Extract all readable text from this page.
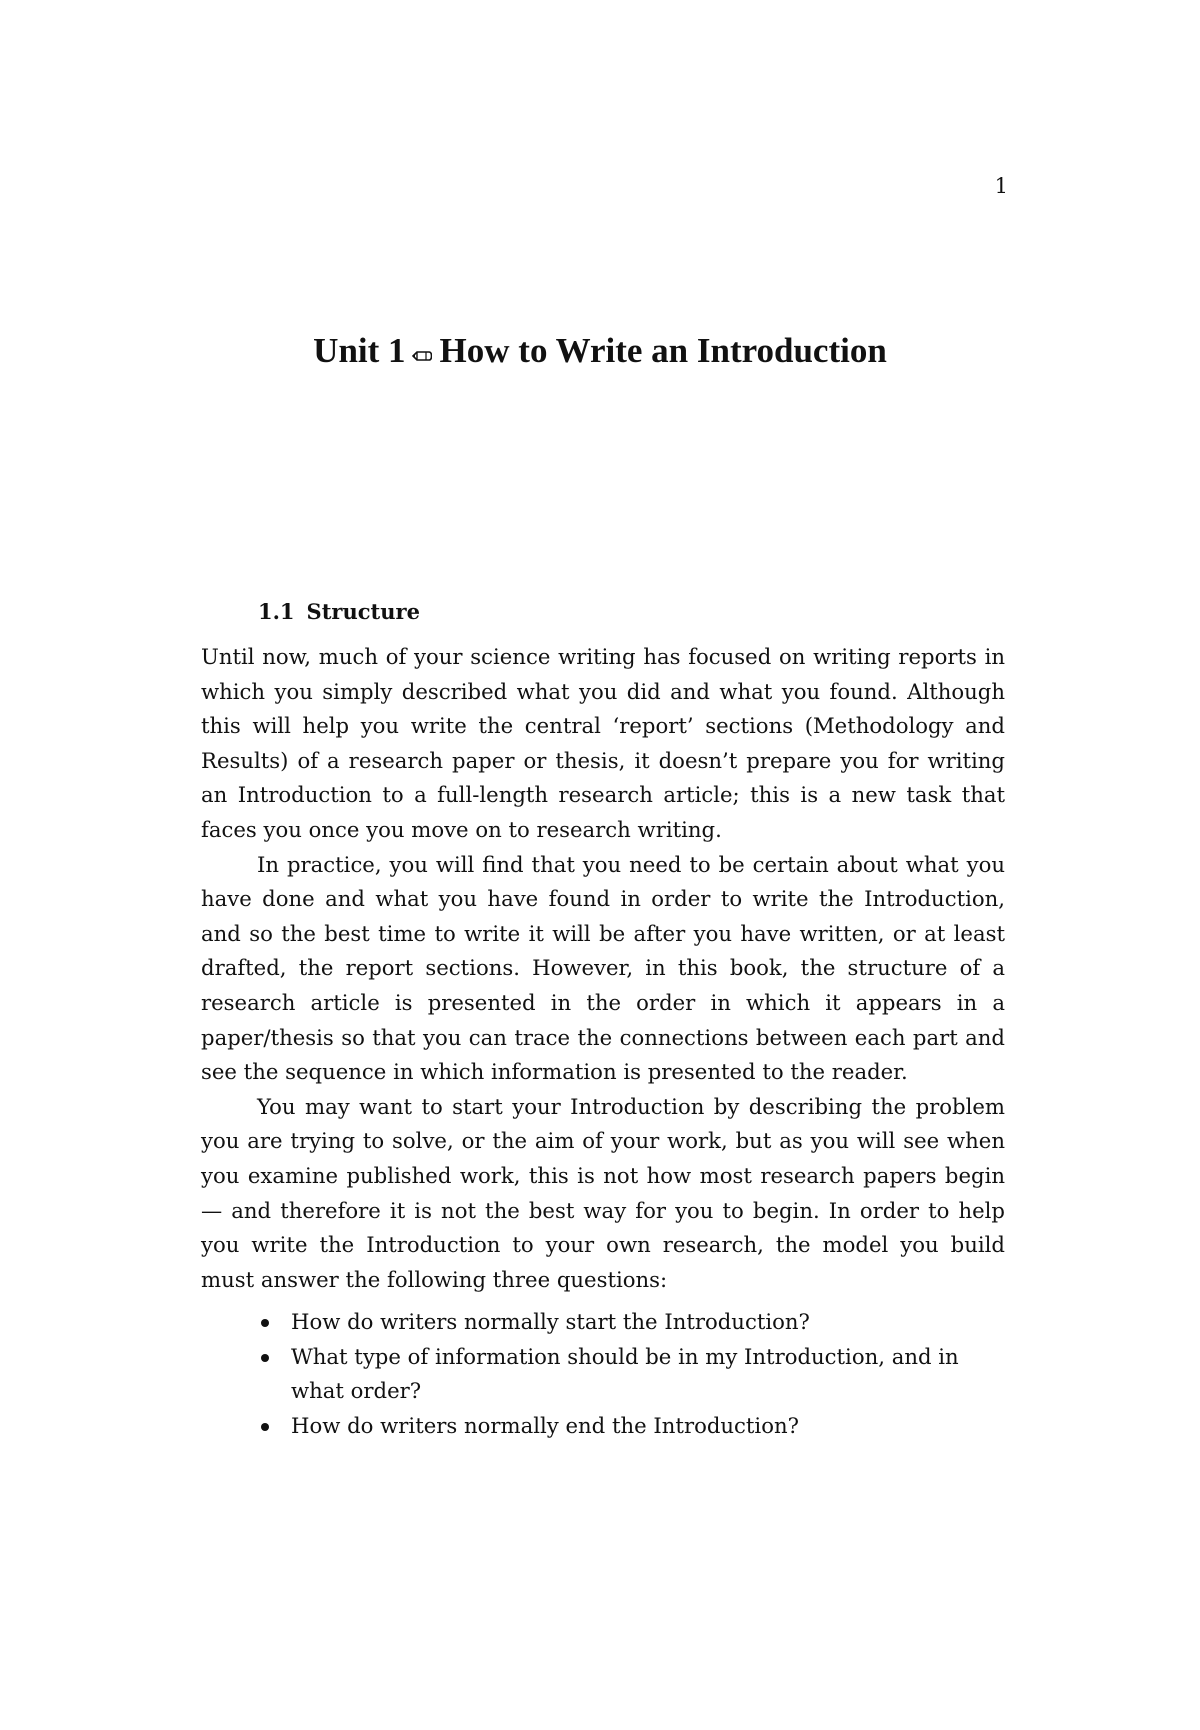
1
Unit 1 How to Write an Introduction
1.1 Structure

Until now, much of your science writing has focused on writing reports in which you simply described what you did and what you found. Although this will help you write the central ‘report’ sections (Methodology and Results) of a research paper or thesis, it doesn’t prepare you for writing an Introduction to a full-length research article; this is a new task that faces you once you move on to research writing.

In practice, you will find that you need to be certain about what you have done and what you have found in order to write the Introduction, and so the best time to write it will be after you have written, or at least drafted, the report sections. However, in this book, the structure of a research article is presented in the order in which it appears in a paper/thesis so that you can trace the connections between each part and see the sequence in which information is presented to the reader.

You may want to start your Introduction by describing the problem you are trying to solve, or the aim of your work, but as you will see when you examine published work, this is not how most research papers begin — and therefore it is not the best way for you to begin. In order to help you write the Introduction to your own research, the model you build must answer the following three questions:

How do writers normally start the Introduction?
What type of information should be in my Introduction, and in what order?
How do writers normally end the Introduction?
